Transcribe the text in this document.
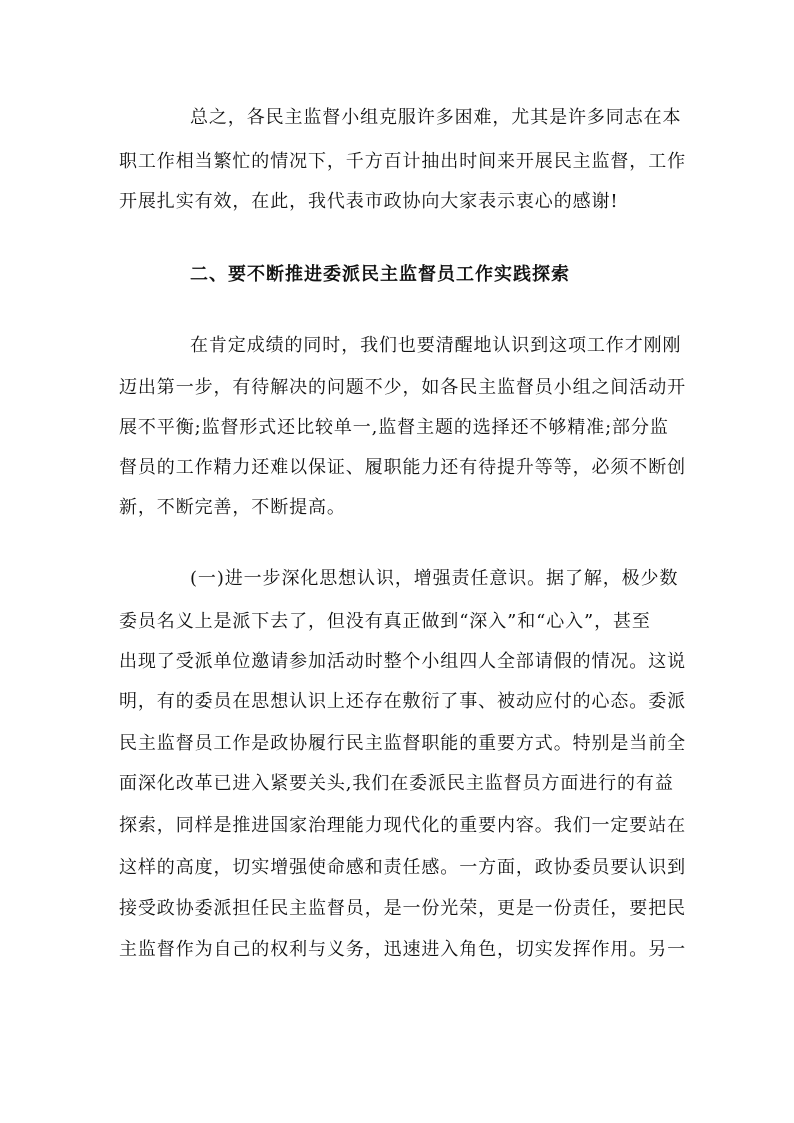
总之，各民主监督小组克服许多困难，尤其是许多同志在本
职工作相当繁忙的情况下，千方百计抽出时间来开展民主监督，工作
开展扎实有效，在此，我代表市政协向大家表示衷心的感谢!
二、要不断推进委派民主监督员工作实践探索
在肯定成绩的同时，我们也要清醒地认识到这项工作才刚刚
迈出第一步，有待解决的问题不少，如各民主监督员小组之间活动开
展不平衡;监督形式还比较单一,监督主题的选择还不够精准;部分监
督员的工作精力还难以保证、履职能力还有待提升等等，必须不断创
新，不断完善，不断提高。
(一)进一步深化思想认识，增强责任意识。据了解，极少数
委员名义上是派下去了，但没有真正做到“深入”和“心入”，甚至
出现了受派单位邀请参加活动时整个小组四人全部请假的情况。这说
明，有的委员在思想认识上还存在敷衍了事、被动应付的心态。委派
民主监督员工作是政协履行民主监督职能的重要方式。特别是当前全
面深化改革已进入紧要关头,我们在委派民主监督员方面进行的有益
探索，同样是推进国家治理能力现代化的重要内容。我们一定要站在
这样的高度，切实增强使命感和责任感。一方面，政协委员要认识到
接受政协委派担任民主监督员，是一份光荣，更是一份责任，要把民
主监督作为自己的权利与义务，迅速进入角色，切实发挥作用。另一
